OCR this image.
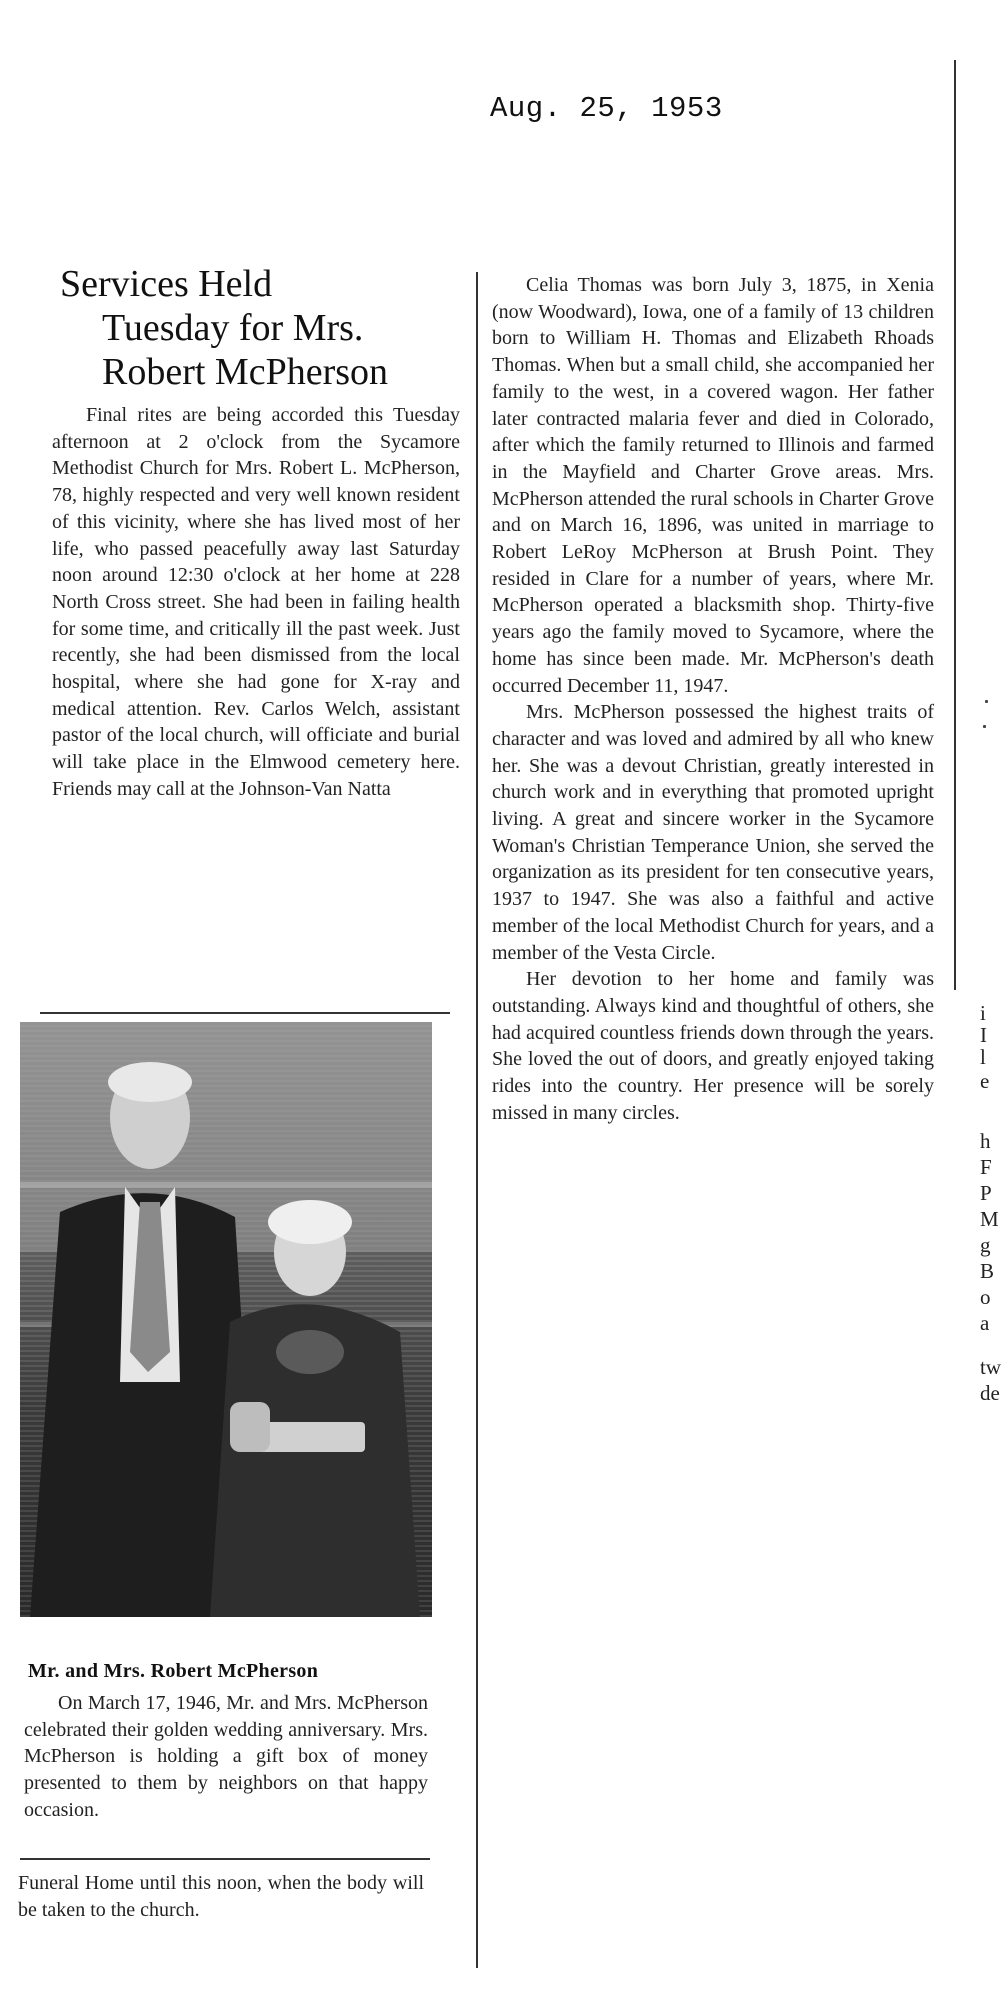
Aug. 25, 1953
Services Held
Tuesday for Mrs.
Robert McPherson

Final rites are being accorded this Tuesday afternoon at 2 o'clock from the Sycamore Methodist Church for Mrs. Robert L. McPherson, 78, highly respected and very well known resident of this vicinity, where she has lived most of her life, who passed peacefully away last Saturday noon around 12:30 o'clock at her home at 228 North Cross street. She had been in failing health for some time, and critically ill the past week. Just recently, she had been dismissed from the local hospital, where she had gone for X-ray and medical attention. Rev. Carlos Welch, assistant pastor of the local church, will officiate and burial will take place in the Elmwood cemetery here. Friends may call at the Johnson-Van Natta

Mr. and Mrs. Robert McPherson

On March 17, 1946, Mr. and Mrs. McPherson celebrated their golden wedding anniversary. Mrs. McPherson is holding a gift box of money presented to them by neighbors on that happy occasion.

Funeral Home until this noon, when the body will be taken to the church.

Celia Thomas was born July 3, 1875, in Xenia (now Woodward), Iowa, one of a family of 13 children born to William H. Thomas and Elizabeth Rhoads Thomas. When but a small child, she accompanied her family to the west, in a covered wagon. Her father later contracted malaria fever and died in Colorado, after which the family returned to Illinois and farmed in the Mayfield and Charter Grove areas. Mrs. McPherson attended the rural schools in Charter Grove and on March 16, 1896, was united in marriage to Robert LeRoy McPherson at Brush Point. They resided in Clare for a number of years, where Mr. McPherson operated a blacksmith shop. Thirty-five years ago the family moved to Sycamore, where the home has since been made. Mr. McPherson's death occurred December 11, 1947.

Mrs. McPherson possessed the highest traits of character and was loved and admired by all who knew her. She was a devout Christian, greatly interested in church work and in everything that promoted upright living. A great and sincere worker in the Sycamore Woman's Christian Temperance Union, she served the organization as its president for ten consecutive years, 1937 to 1947. She was also a faithful and active member of the local Methodist Church for years, and a member of the Vesta Circle.

Her devotion to her home and family was outstanding. Always kind and thoughtful of others, she had acquired countless friends down through the years. She loved the out of doors, and greatly enjoyed taking rides into the country. Her presence will be sorely missed in many circles.

i
I
l
e
h
F
P
M
g
B
o
a
tw
de
